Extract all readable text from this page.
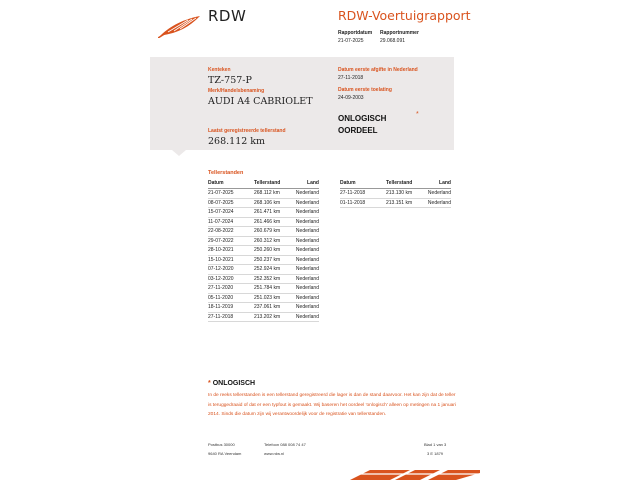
RDW	RDW-Voertuigrapport
Rapportdatum
21-07-2025
Rapportnummer
29.068.091
Kenteken
TZ-757-P
Merk/Handelsbenaming
AUDI A4 CABRIOLET
Laatst geregistreerde tellerstand
268.112 km
Datum eerste afgifte in Nederland
27-11-2018
Datum eerste toelating
24-09-2003
ONLOGISCH
OORDEEL
*
Tellerstanden
Datum	Tellerstand	Land
21-07-2025	268.112 km	Nederland
08-07-2025	268.106 km	Nederland
15-07-2024	261.471 km	Nederland
11-07-2024	261.466 km	Nederland
22-08-2022	260.679 km	Nederland
29-07-2022	260.312 km	Nederland
28-10-2021	250.260 km	Nederland
15-10-2021	250.237 km	Nederland
07-12-2020	252.924 km	Nederland
03-12-2020	252.352 km	Nederland
27-11-2020	251.784 km	Nederland
05-11-2020	251.023 km	Nederland
18-11-2019	237.061 km	Nederland
27-11-2018	213.202 km	Nederland
Datum	Tellerstand	Land
27-11-2018	213.130 km	Nederland
01-11-2018	213.151 km	Nederland
* ONLOGISCH
In de reeks tellerstanden is een tellerstand geregistreerd die lager is dan de stand daarvoor. Het kan zijn dat de teller is teruggedraaid of dat er een typfout is gemaakt. Wij baseren het oordeel 'onlogisch' alleen op metingen na 1 januari 2014. Sinds die datum zijn wij verantwoordelijk voor de registratie van tellerstanden.
Postbus 30000
9640 RA Veendam
Telefoon 088 008 74 47
www.rdw.nl
Blad 1 van 3
3 E 1879
